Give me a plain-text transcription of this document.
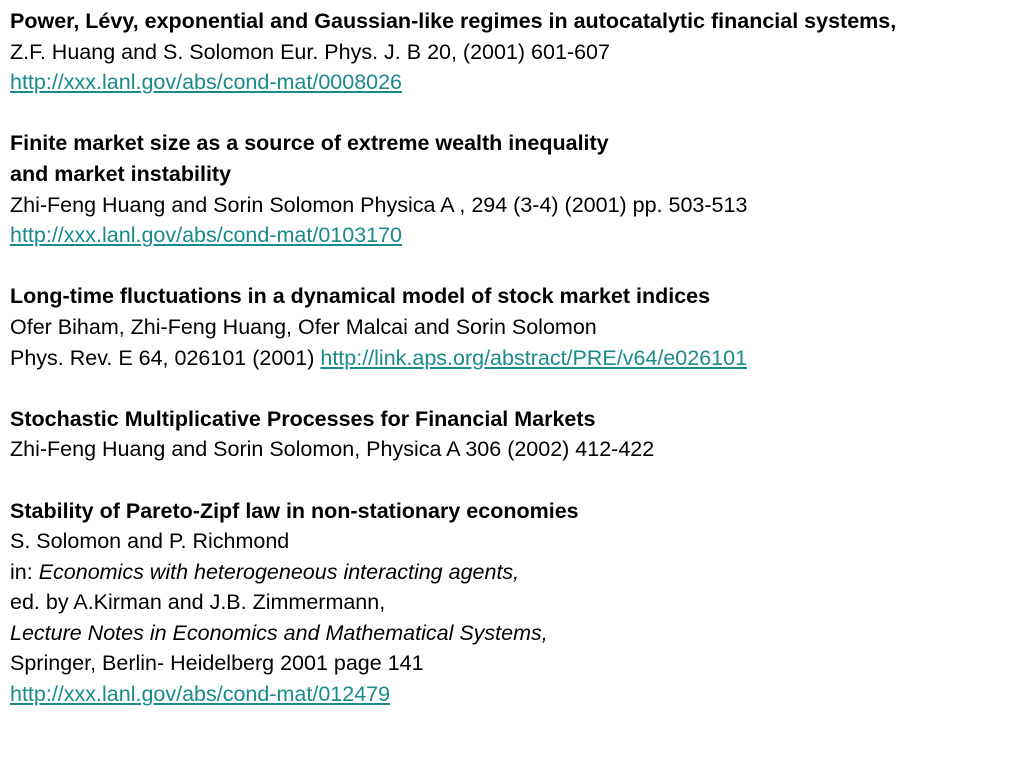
Power, Lévy, exponential and Gaussian-like regimes in autocatalytic financial systems,
Z.F. Huang and S. Solomon Eur. Phys. J. B 20, (2001) 601-607
http://xxx.lanl.gov/abs/cond-mat/0008026
Finite market size as a source of extreme wealth inequality
and market instability
Zhi-Feng Huang and Sorin Solomon Physica A , 294 (3-4) (2001) pp. 503-513
http://xxx.lanl.gov/abs/cond-mat/0103170
Long-time fluctuations in a dynamical model of stock market indices
Ofer Biham, Zhi-Feng Huang, Ofer Malcai and Sorin Solomon
Phys. Rev. E 64, 026101 (2001) http://link.aps.org/abstract/PRE/v64/e026101
Stochastic Multiplicative Processes for Financial Markets
Zhi-Feng Huang and Sorin Solomon, Physica A 306 (2002) 412-422
Stability of Pareto-Zipf law in non-stationary economies
S. Solomon and P. Richmond
in: Economics with heterogeneous interacting agents,
ed. by A.Kirman and J.B. Zimmermann,
Lecture Notes in Economics and Mathematical Systems,
Springer, Berlin- Heidelberg 2001 page 141
http://xxx.lanl.gov/abs/cond-mat/012479
